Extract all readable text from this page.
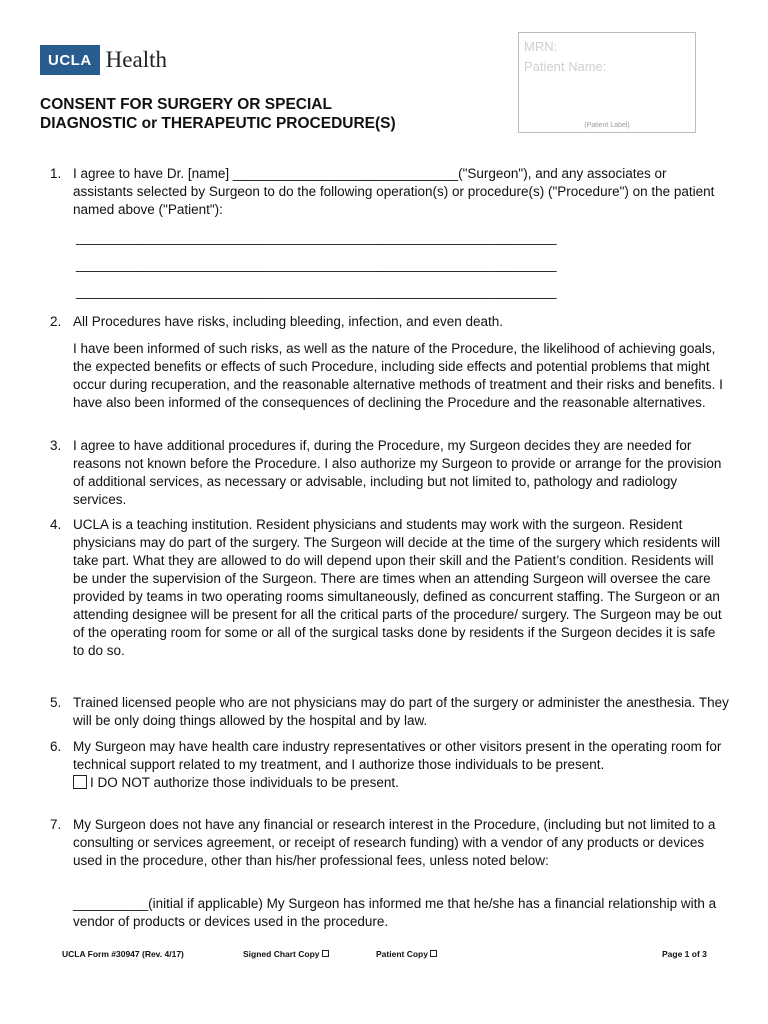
UCLA Health
CONSENT FOR SURGERY OR SPECIAL
DIAGNOSTIC or THERAPEUTIC PROCEDURE(S)
MRN:
Patient Name:
(Patient Label)
1. I agree to have Dr. [name] ______________________________("Surgeon"), and any associates or assistants selected by Surgeon to do the following operation(s) or procedure(s) ("Procedure") on the patient named above ("Patient"):
________________________________________________________________
________________________________________________________________
________________________________________________________________
2. All Procedures have risks, including bleeding, infection, and even death.
I have been informed of such risks, as well as the nature of the Procedure, the likelihood of achieving goals, the expected benefits or effects of such Procedure, including side effects and potential problems that might occur during recuperation, and the reasonable alternative methods of treatment and their risks and benefits. I have also been informed of the consequences of declining the Procedure and the reasonable alternatives.
3. I agree to have additional procedures if, during the Procedure, my Surgeon decides they are needed for reasons not known before the Procedure. I also authorize my Surgeon to provide or arrange for the provision of additional services, as necessary or advisable, including but not limited to, pathology and radiology services.
4. UCLA is a teaching institution. Resident physicians and students may work with the surgeon. Resident physicians may do part of the surgery. The Surgeon will decide at the time of the surgery which residents will take part. What they are allowed to do will depend upon their skill and the Patient’s condition. Residents will be under the supervision of the Surgeon. There are times when an attending Surgeon will oversee the care provided by teams in two operating rooms simultaneously, defined as concurrent staffing. The Surgeon or an attending designee will be present for all the critical parts of the procedure/ surgery. The Surgeon may be out of the operating room for some or all of the surgical tasks done by residents if the Surgeon decides it is safe to do so.
5. Trained licensed people who are not physicians may do part of the surgery or administer the anesthesia. They will be only doing things allowed by the hospital and by law.
6. My Surgeon may have health care industry representatives or other visitors present in the operating room for technical support related to my treatment, and I authorize those individuals to be present.
I DO NOT authorize those individuals to be present.
7. My Surgeon does not have any financial or research interest in the Procedure, (including but not limited to a consulting or services agreement, or receipt of research funding) with a vendor of any products or devices used in the procedure, other than his/her professional fees, unless noted below:
__________(initial if applicable) My Surgeon has informed me that he/she has a financial relationship with a vendor of products or devices used in the procedure.
UCLA Form #30947 (Rev. 4/17)	Signed Chart Copy	Patient Copy	Page 1 of 3
